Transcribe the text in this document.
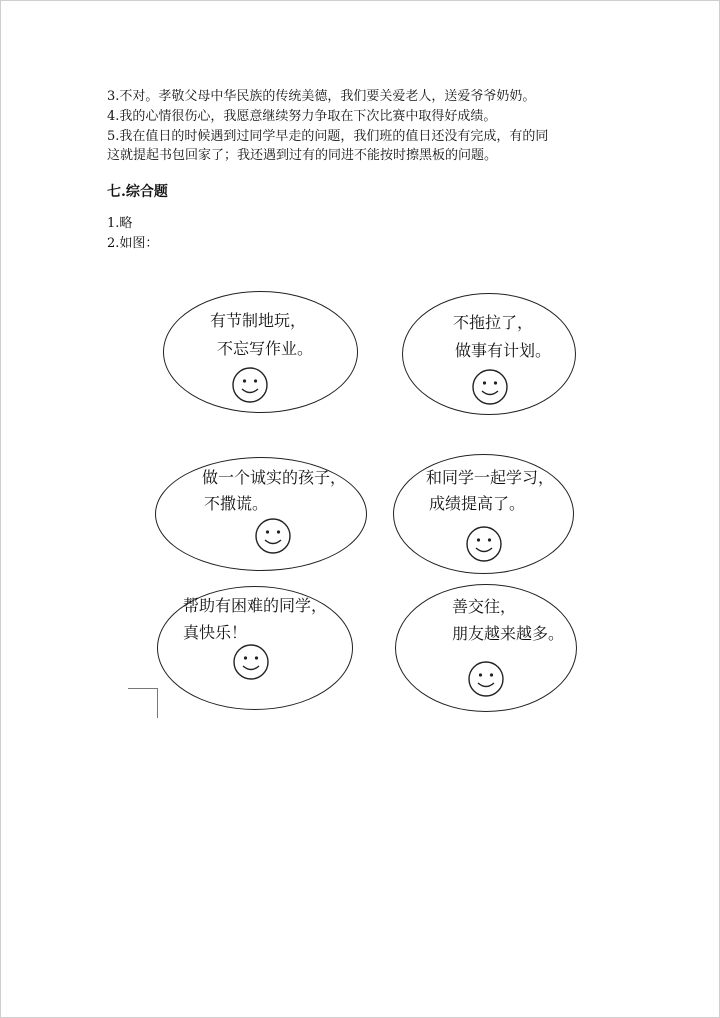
3.不对。孝敬父母中华民族的传统美德，我们要关爱老人，送爱爷爷奶奶。
4.我的心情很伤心，我愿意继续努力争取在下次比赛中取得好成绩。
5.我在值日的时候遇到过同学早走的问题，我们班的值日还没有完成，有的同
这就提起书包回家了；我还遇到过有的同进不能按时擦黑板的问题。
七.综合题
1.略
2.如图：
有节制地玩，
不忘写作业。
不拖拉了，
做事有计划。
做一个诚实的孩子，
不撒谎。
和同学一起学习，
成绩提高了。
帮助有困难的同学，
真快乐！
善交往，
朋友越来越多。
